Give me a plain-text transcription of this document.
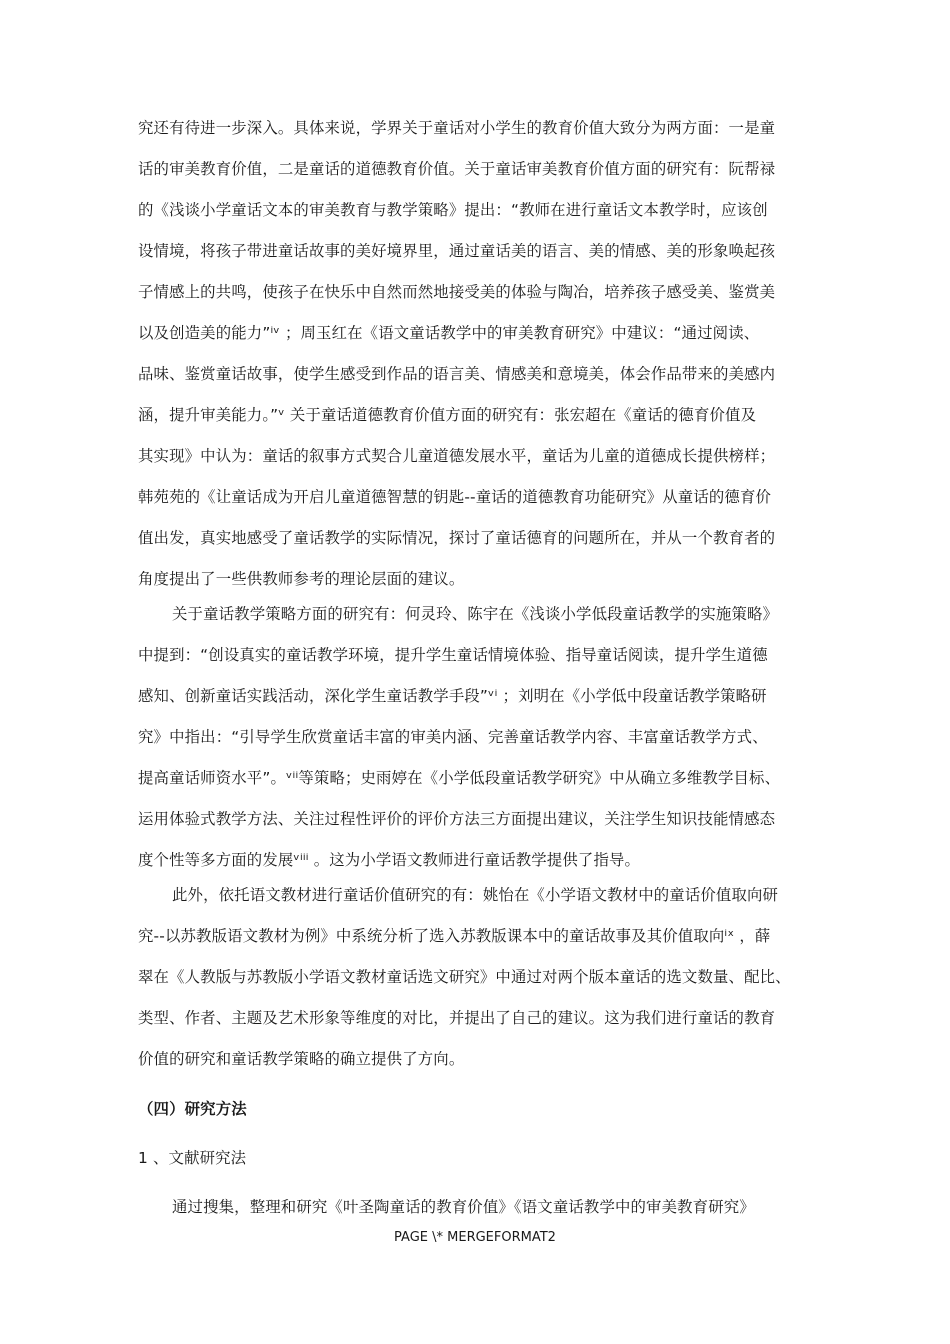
究还有待进一步深入。具体来说，学界关于童话对小学生的教育价值大致分为两方面：一是童
话的审美教育价值，二是童话的道德教育价值。关于童话审美教育价值方面的研究有：阮帮禄
的《浅谈小学童话文本的审美教育与教学策略》提出：“教师在进行童话文本教学时，应该创
设情境，将孩子带进童话故事的美好境界里，通过童话美的语言、美的情感、美的形象唤起孩
子情感上的共鸣，使孩子在快乐中自然而然地接受美的体验与陶冶，培养孩子感受美、鉴赏美
以及创造美的能力”ⁱᵛ ；周玉红在《语文童话教学中的审美教育研究》中建议：“通过阅读、
品味、鉴赏童话故事，使学生感受到作品的语言美、情感美和意境美，体会作品带来的美感内
涵，提升审美能力。”ᵛ 关于童话道德教育价值方面的研究有：张宏超在《童话的德育价值及
其实现》中认为：童话的叙事方式契合儿童道德发展水平，童话为儿童的道德成长提供榜样；
韩苑苑的《让童话成为开启儿童道德智慧的钥匙--童话的道德教育功能研究》从童话的德育价
值出发，真实地感受了童话教学的实际情况，探讨了童话德育的问题所在，并从一个教育者的
角度提出了一些供教师参考的理论层面的建议。
关于童话教学策略方面的研究有：何灵玲、陈宇在《浅谈小学低段童话教学的实施策略》
中提到：“创设真实的童话教学环境，提升学生童话情境体验、指导童话阅读，提升学生道德
感知、创新童话实践活动，深化学生童话教学手段”ᵛⁱ ；刘明在《小学低中段童话教学策略研
究》中指出：“引导学生欣赏童话丰富的审美内涵、完善童话教学内容、丰富童话教学方式、
提高童话师资水平”。ᵛⁱⁱ等策略；史雨婷在《小学低段童话教学研究》中从确立多维教学目标、
运用体验式教学方法、关注过程性评价的评价方法三方面提出建议，关注学生知识技能情感态
度个性等多方面的发展ᵛⁱⁱⁱ 。这为小学语文教师进行童话教学提供了指导。
此外，依托语文教材进行童话价值研究的有：姚怡在《小学语文教材中的童话价值取向研
究--以苏教版语文教材为例》中系统分析了选入苏教版课本中的童话故事及其价值取向ⁱˣ ，薛
翠在《人教版与苏教版小学语文教材童话选文研究》中通过对两个版本童话的选文数量、配比、
类型、作者、主题及艺术形象等维度的对比，并提出了自己的建议。这为我们进行童话的教育
价值的研究和童话教学策略的确立提供了方向。
（四）研究方法
1 、文献研究法
通过搜集，整理和研究《叶圣陶童话的教育价值》《语文童话教学中的审美教育研究》
PAGE \* MERGEFORMAT2
